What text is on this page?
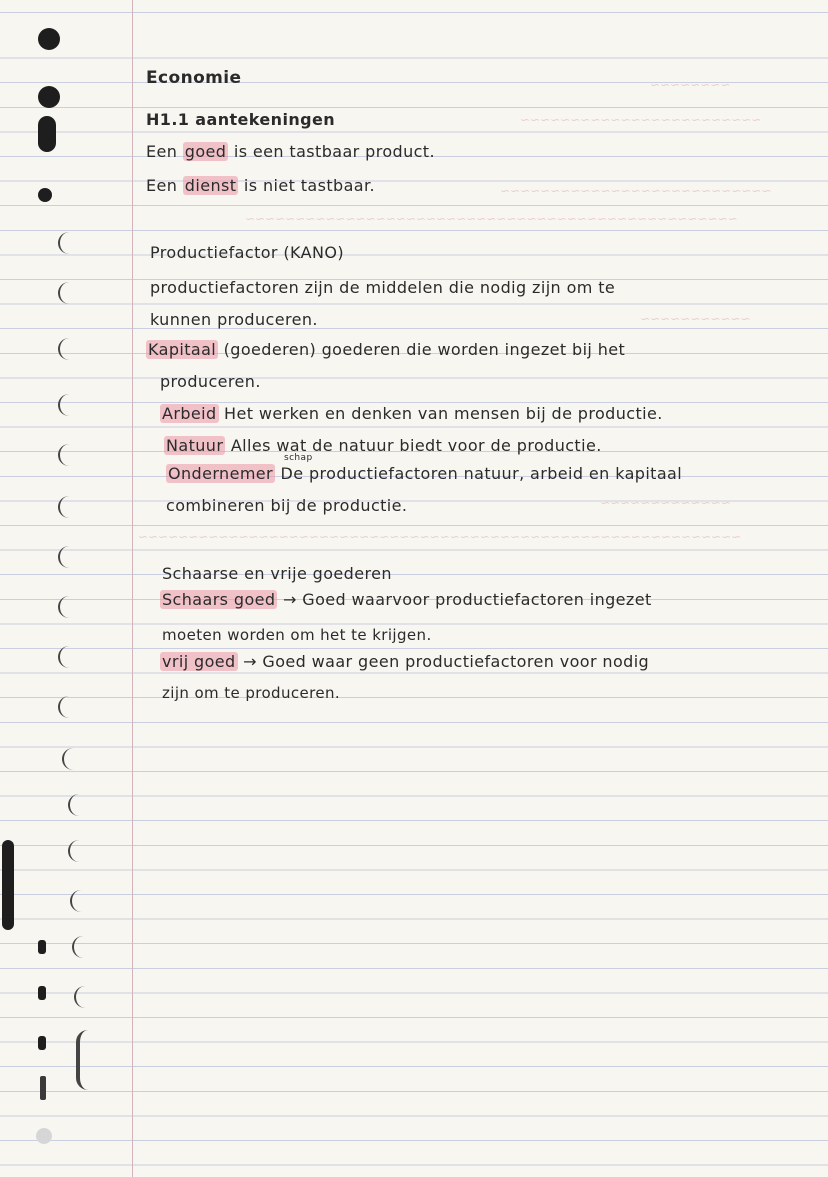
~~~~~~~~
~~~~~~~~~~~~~~~~~~~~~~~~
~~~~~~~~~~~~~~~~~~~~~~~~~~~
~~~~~~~~~~~~~~~~~~~~~~~~~~~~~~~~~~~~~~~~~~~~~~~~~
~~~~~~~~~~~
~~~~~~~~~~~~~
~~~~~~~~~~~~~~~~~~~~~~~~~~~~~~~~~~~~~~~~~~~~~~~~~~~~~~~~~~~~
Economie
H1.1 aantekeningen
Een goed is een tastbaar product.
Een dienst is niet tastbaar.
Productiefactor (KANO)
productiefactoren zijn de middelen die nodig zijn om te
kunnen produceren.
Kapitaal (goederen) goederen die worden ingezet bij het
produceren.
Arbeid Het werken en denken van mensen bij de productie.
Natuur Alles wat de natuur biedt voor de productie.
schap
Ondernemer De productiefactoren natuur, arbeid en kapitaal
combineren bij de productie.
Schaarse en vrije goederen
Schaars goed → Goed waarvoor productiefactoren ingezet
moeten worden om het te krijgen.
vrij goed → Goed waar geen productiefactoren voor nodig
zijn om te produceren.
